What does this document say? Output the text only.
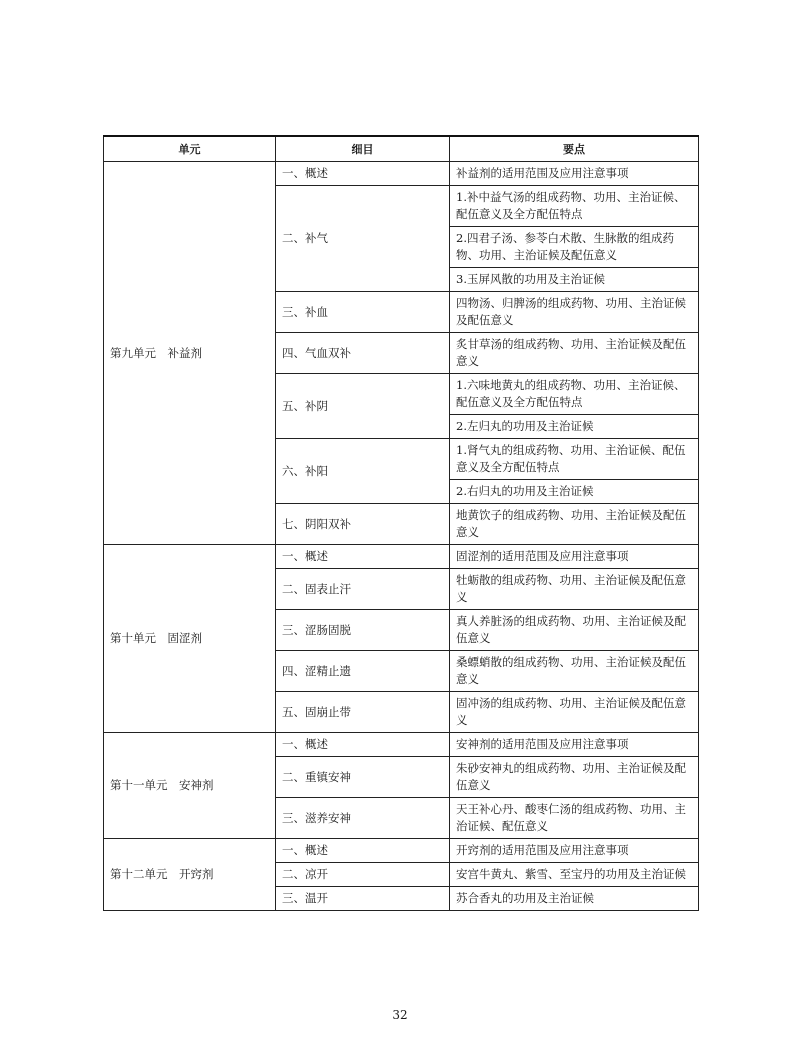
单元	细目	要点
第九单元　补益剂	一、概述	补益剂的适用范围及应用注意事项
	二、补气	1.补中益气汤的组成药物、功用、主治证候、配伍意义及全方配伍特点
		2.四君子汤、参苓白术散、生脉散的组成药物、功用、主治证候及配伍意义
		3.玉屏风散的功用及主治证候
	三、补血	四物汤、归脾汤的组成药物、功用、主治证候及配伍意义
	四、气血双补	炙甘草汤的组成药物、功用、主治证候及配伍意义
	五、补阴	1.六味地黄丸的组成药物、功用、主治证候、配伍意义及全方配伍特点
		2.左归丸的功用及主治证候
	六、补阳	1.肾气丸的组成药物、功用、主治证候、配伍意义及全方配伍特点
		2.右归丸的功用及主治证候
	七、阴阳双补	地黄饮子的组成药物、功用、主治证候及配伍意义
第十单元　固涩剂	一、概述	固涩剂的适用范围及应用注意事项
	二、固表止汗	牡蛎散的组成药物、功用、主治证候及配伍意义
	三、涩肠固脱	真人养脏汤的组成药物、功用、主治证候及配伍意义
	四、涩精止遗	桑螵蛸散的组成药物、功用、主治证候及配伍意义
	五、固崩止带	固冲汤的组成药物、功用、主治证候及配伍意义
第十一单元　安神剂	一、概述	安神剂的适用范围及应用注意事项
	二、重镇安神	朱砂安神丸的组成药物、功用、主治证候及配伍意义
	三、滋养安神	天王补心丹、酸枣仁汤的组成药物、功用、主治证候、配伍意义
第十二单元　开窍剂	一、概述	开窍剂的适用范围及应用注意事项
	二、凉开	安宫牛黄丸、紫雪、至宝丹的功用及主治证候
	三、温开	苏合香丸的功用及主治证候
32
